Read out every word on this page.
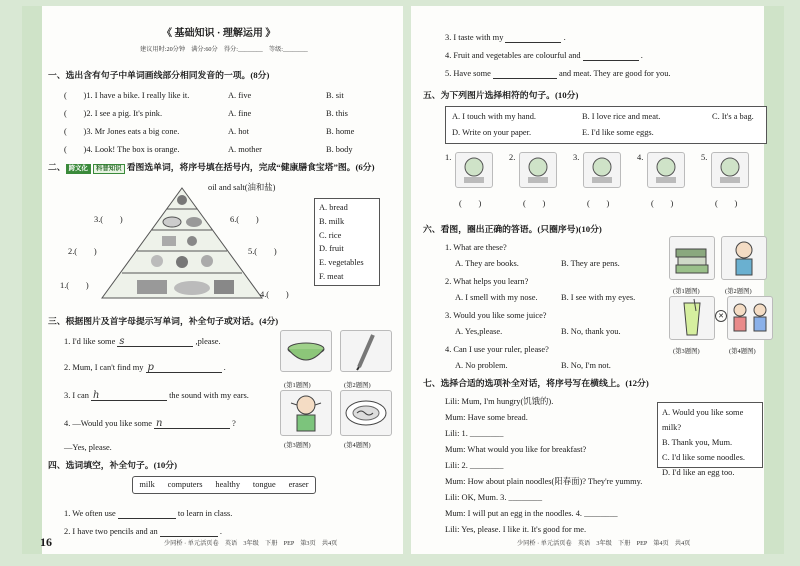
《 基础知识 · 理解运用 》
建议用时:20分钟　满分:60分　得分:________　等级:________
一、选出含有句子中单词画线部分相同发音的一项。(8分)
(　　)1. I have a bike. I really like it.	A. five	B. sit
(　　)2. I see a pig. It's pink.	A. fine	B. this
(　　)3. Mr Jones eats a big cone.	A. hot	B. home
(　　)4. Look! The box is orange.	A. mother	B. body
二、 跨文化 科普知识 看图选单词，将序号填在括号内，完成“健康膳食宝塔”图。(6分)
oil and salt(油和盐)
3.(　　)	6.(　　)
2.(　　)	5.(　　)
1.(　　)
4.(　　)
A. bread
B. milk
C. rice
D. fruit
E. vegetables
F. meat
三、根据图片及首字母提示写单词，补全句子或对话。(4分)
1. I'd like some s	,please.
2. Mum, I can't find my p	.
3. I can h	the sound with my ears.
4. —Would you like some n	?
—Yes, please.
(第1题图)	(第2题图)
(第3题图)	(第4题图)
四、选词填空，补全句子。(10分)
milk computers healthy tongue eraser
1. We often use	to learn in class.
2. I have two pencils and an	.
16	少同桥 · 单元活页卷　英语　3年级　下册　PEP　第3页　共4页
3. I taste with my	.
4. Fruit and vegetables are colourful and	.
5. Have some	and meat. They are good for you.
五、为下列图片选择相符的句子。(10分)
A. I touch with my hand.	B. I love rice and meat.	C. It's a bag.
D. Write on your paper.	E. I'd like some eggs.
1.
(　　)
2.
(　　)
3.
(　　)
4.
(　　)
5.
(　　)
六、看图，圈出正确的答语。(只圈序号)(10分)
1. What are these?
A. They are books.	B. They are pens.
2. What helps you learn?
A. I smell with my nose.	B. I see with my eyes.
3. Would you like some juice?
A. Yes,please.	B. No, thank you.
4. Can I use your ruler, please?
A. No problem.	B. No, I'm not.
(第1题图)	(第2题图)
✕
(第3题图)	(第4题图)
七、选择合适的选项补全对话，将序号写在横线上。(12分)
Lili: Mum, I'm hungry(饥饿的).
Mum: Have some bread.
Lili: 1. ________
Mum: What would you like for breakfast?
Lili: 2. ________
Mum: How about plain noodles(阳春面)? They're yummy.
Lili: OK, Mum. 3. ________
Mum: I will put an egg in the noodles. 4. ________
Lili: Yes, please. I like it. It's good for me.
A. Would you like some milk?
B. Thank you, Mum.
C. I'd like some noodles.
D. I'd like an egg too.
少同桥 · 单元活页卷　英语　3年级　下册　PEP　第4页　共4页
